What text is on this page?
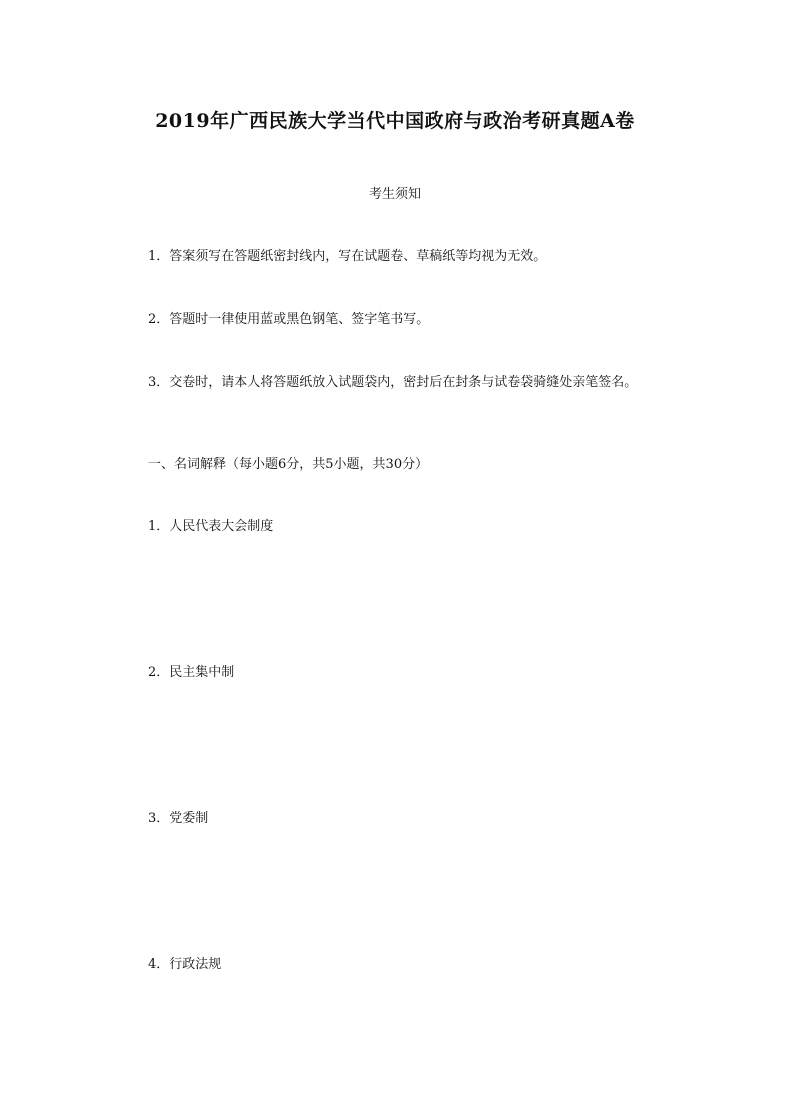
2019年广西民族大学当代中国政府与政治考研真题A卷
考生须知
1．答案须写在答题纸密封线内，写在试题卷、草稿纸等均视为无效。
2．答题时一律使用蓝或黑色钢笔、签字笔书写。
3．交卷时，请本人将答题纸放入试题袋内，密封后在封条与试卷袋骑缝处亲笔签名。
一、名词解释（每小题6分，共5小题，共30分）
1．人民代表大会制度
2．民主集中制
3．党委制
4．行政法规
